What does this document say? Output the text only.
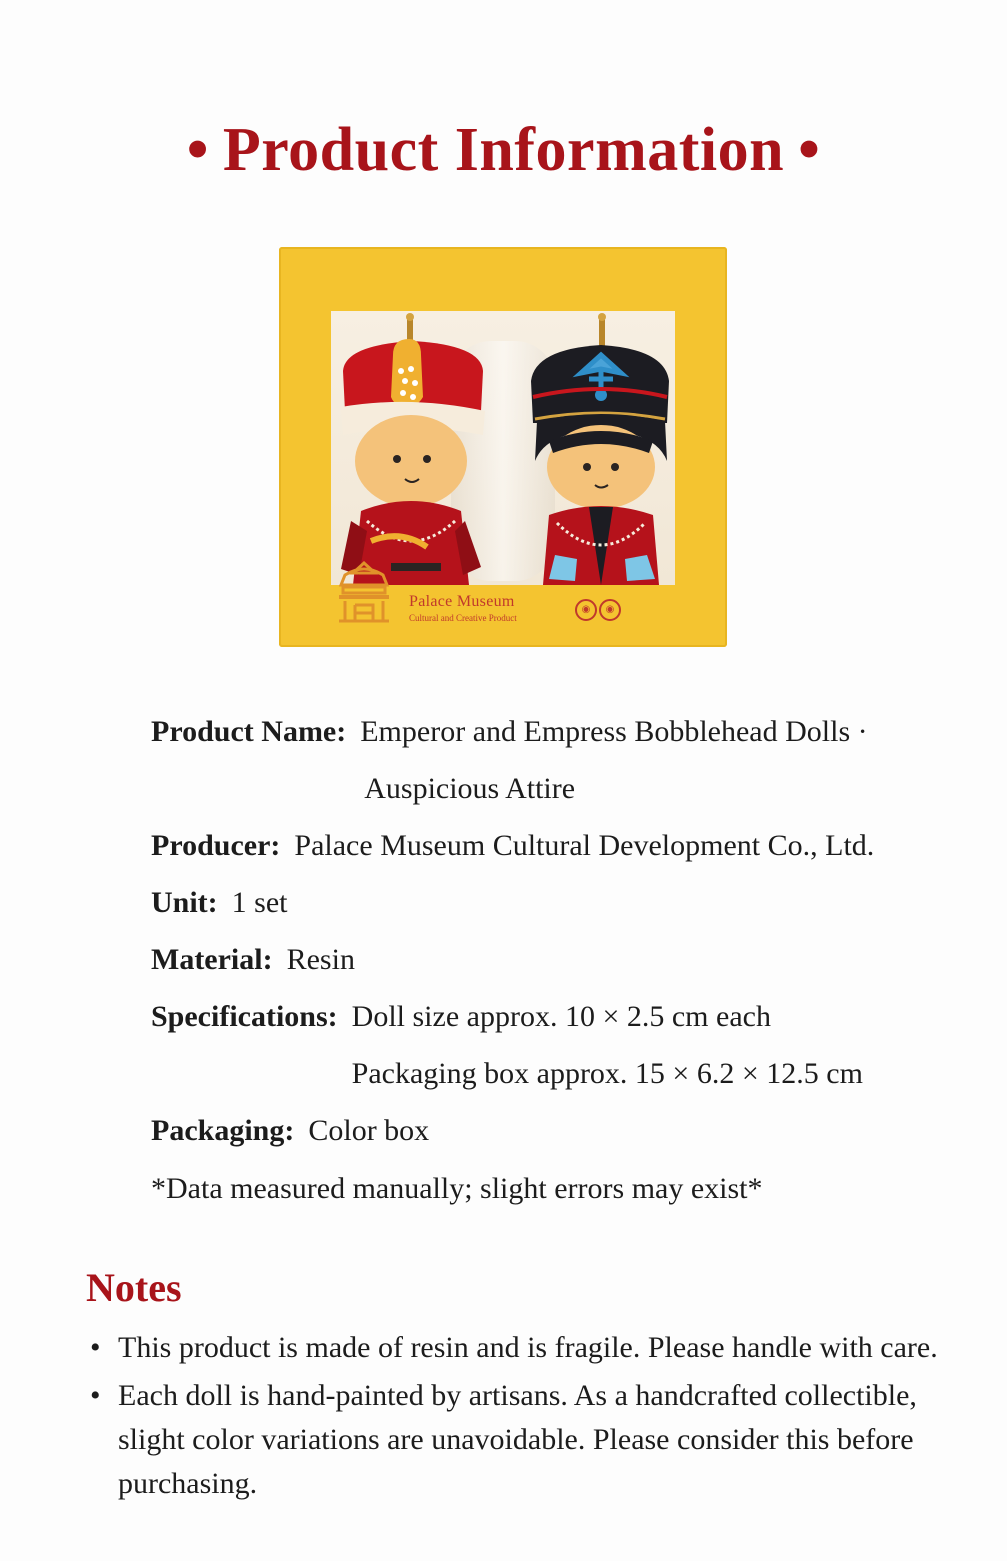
• Product Information •
Palace Museum
Cultural and Creative Product
◉	◉
Product Name: Emperor and Empress Bobblehead Dolls ·
Auspicious Attire
Producer: Palace Museum Cultural Development Co., Ltd.
Unit: 1 set
Material: Resin
Specifications: Doll size approx. 10 × 2.5 cm each
Packaging box approx. 15 × 6.2 × 12.5 cm
Packaging: Color box
*Data measured manually; slight errors may exist*
Notes
• This product is made of resin and is fragile. Please handle with care.
• Each doll is hand-painted by artisans. As a handcrafted collectible, slight color variations are unavoidable. Please consider this before purchasing.
